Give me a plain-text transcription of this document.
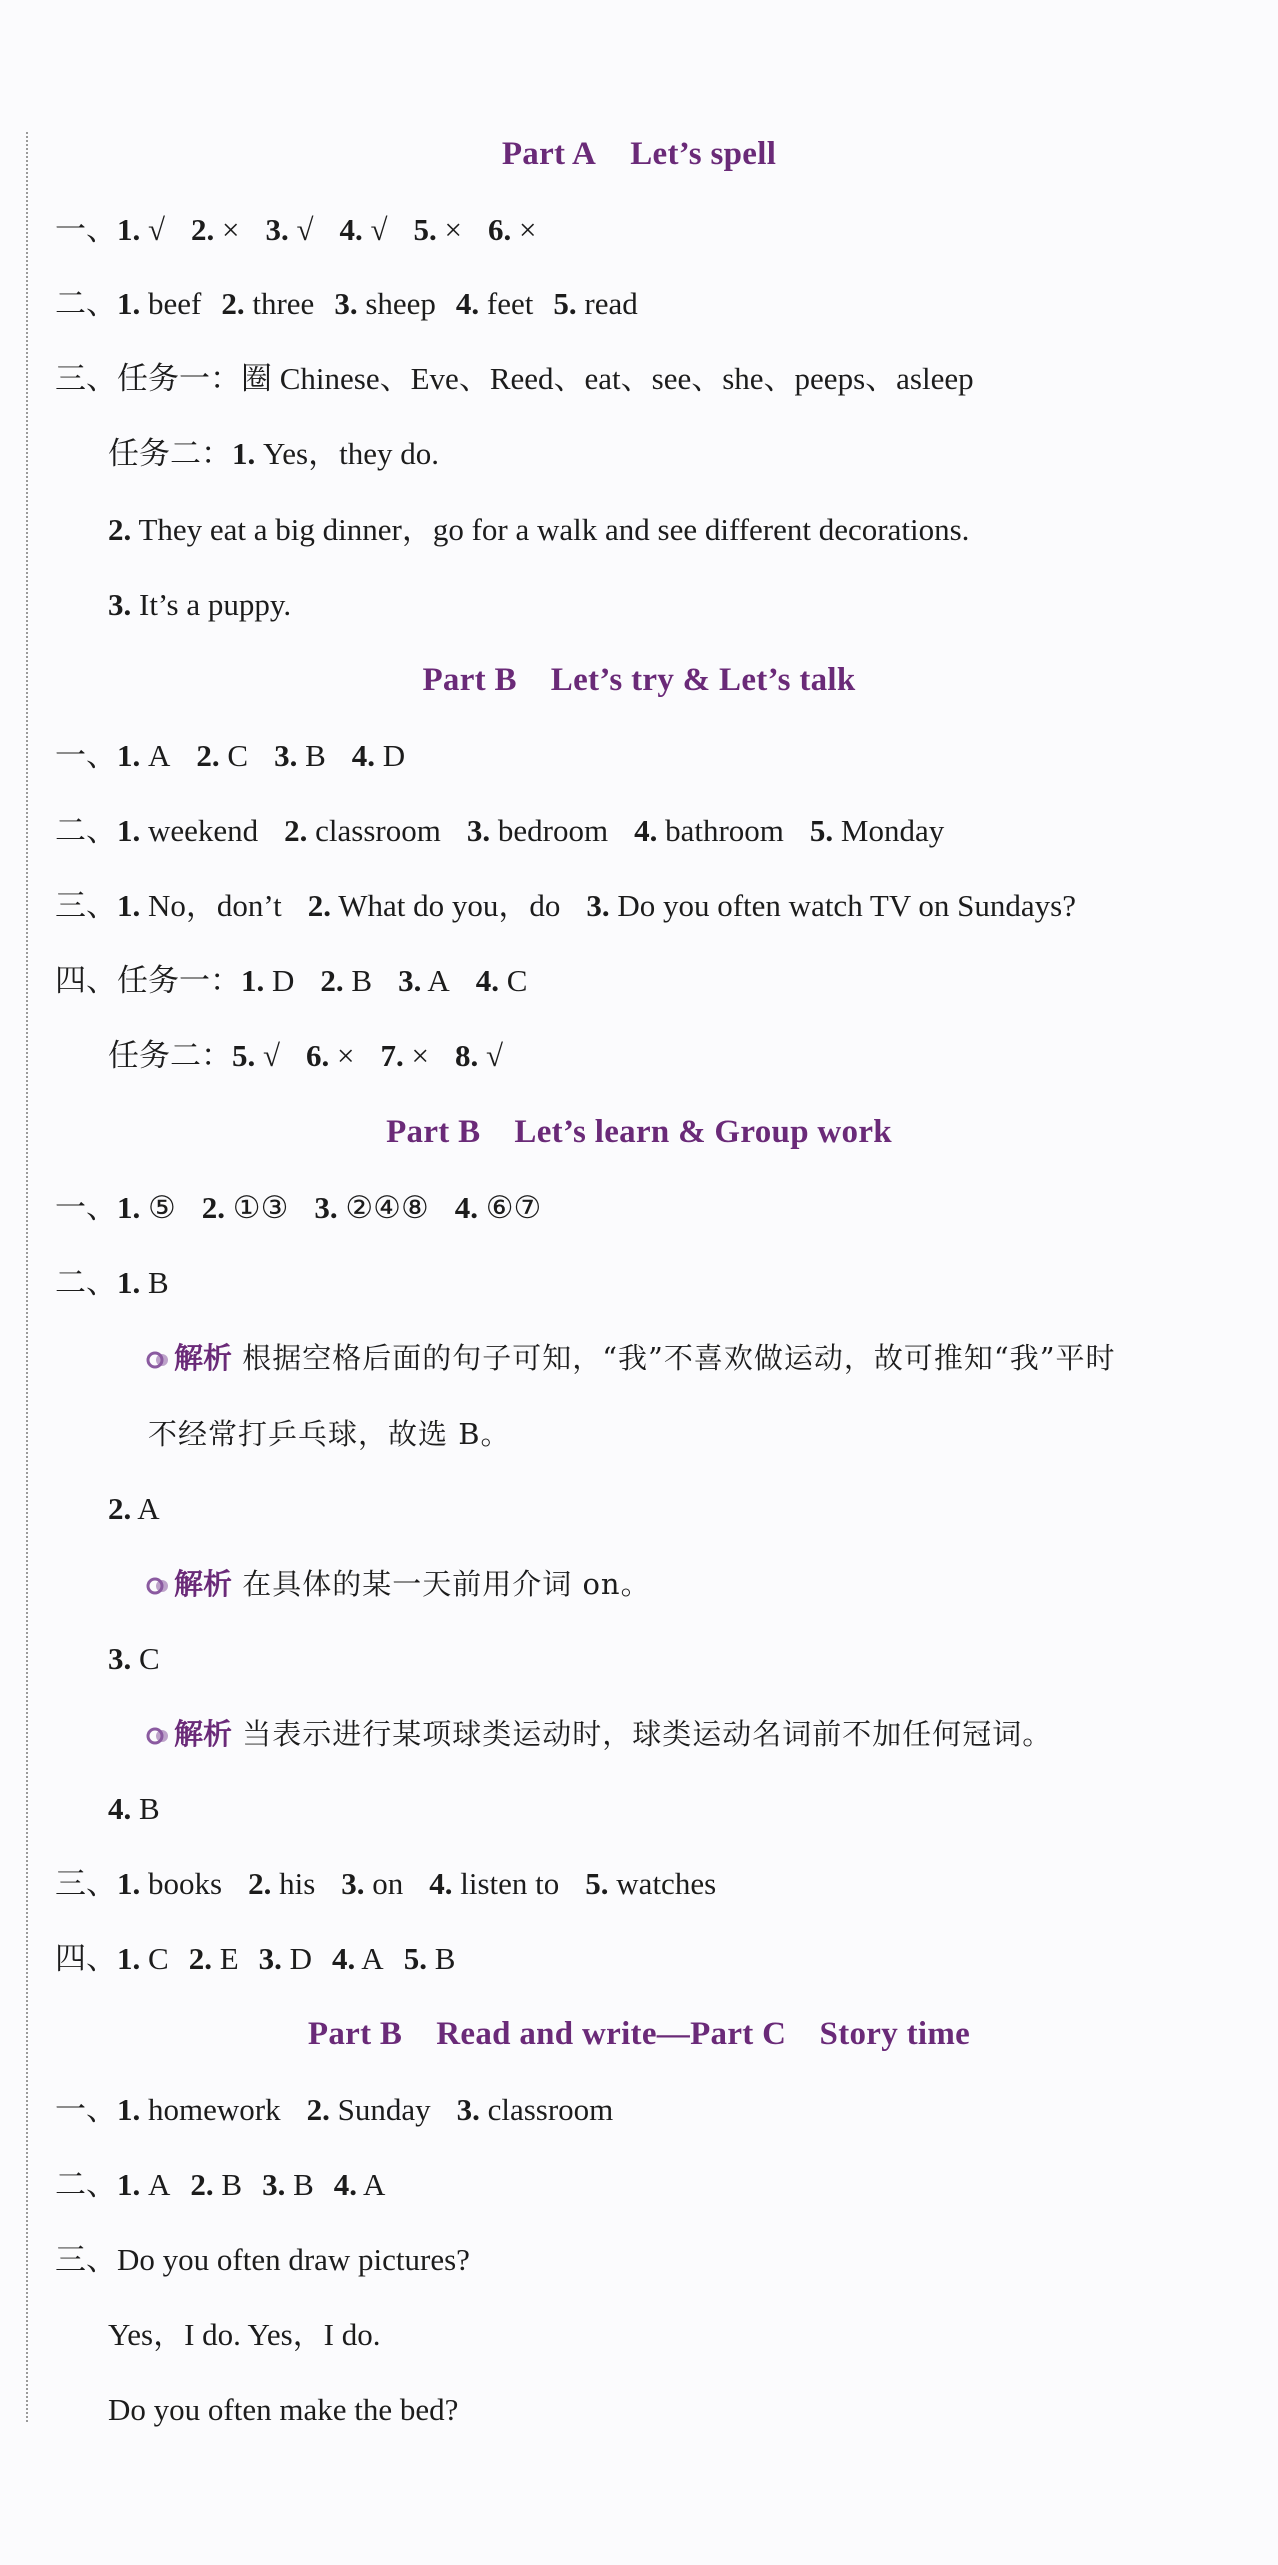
Part A Let’s spell
一、1. √ 2. × 3. √ 4. √ 5. × 6. ×
二、1. beef 2. three 3. sheep 4. feet 5. read
三、任务一：圈 Chinese、Eve、Reed、eat、see、she、peeps、asleep
任务二：1. Yes，they do.
2. They eat a big dinner，go for a walk and see different decorations.
3. It’s a puppy.
Part B Let’s try & Let’s talk
一、1. A 2. C 3. B 4. D
二、1. weekend 2. classroom 3. bedroom 4. bathroom 5. Monday
三、1. No，don’t 2. What do you，do 3. Do you often watch TV on Sundays?
四、任务一：1. D 2. B 3. A 4. C
任务二：5. √ 6. × 7. × 8. √
Part B Let’s learn & Group work
一、1. ⑤ 2. ①③ 3. ②④⑧ 4. ⑥⑦
二、1. B
解析 根据空格后面的句子可知，“我”不喜欢做运动，故可推知“我”平时
不经常打乒乓球，故选 B。
2. A
解析 在具体的某一天前用介词 on。
3. C
解析 当表示进行某项球类运动时，球类运动名词前不加任何冠词。
4. B
三、1. books 2. his 3. on 4. listen to 5. watches
四、1. C 2. E 3. D 4. A 5. B
Part B Read and write—Part C　Story time
一、1. homework 2. Sunday 3. classroom
二、1. A 2. B 3. B 4. A
三、Do you often draw pictures?
Yes，I do. Yes，I do.
Do you often make the bed?
